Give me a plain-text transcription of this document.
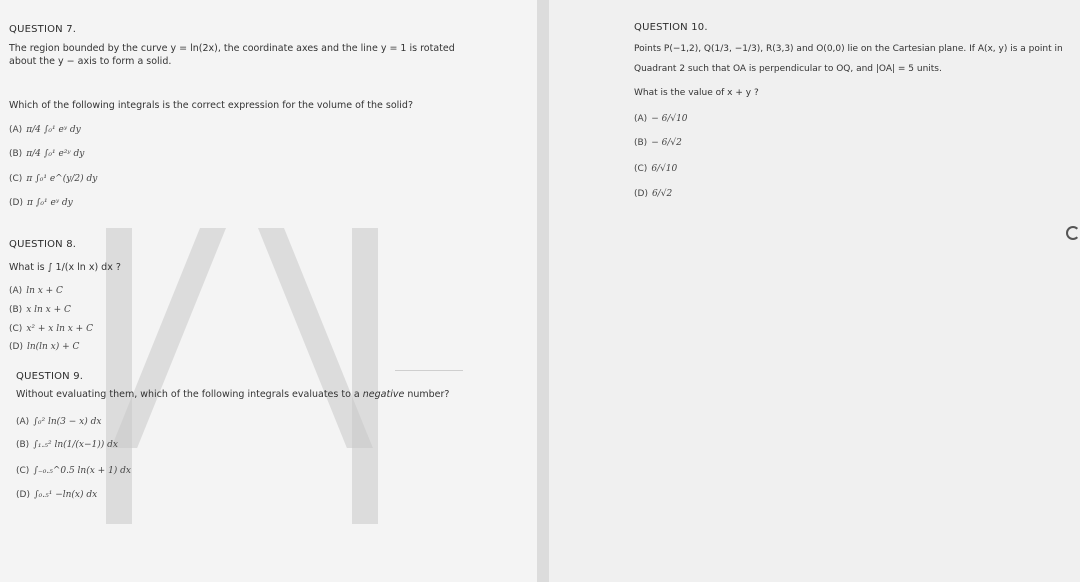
QUESTION 7.
The region bounded by the curve y = ln(2x), the coordinate axes and the line y = 1 is rotated
about the y − axis to form a solid.
Which of the following integrals is the correct expression for the volume of the solid?
(A) π/4 ∫₀¹ eʸ dy
(B) π/4 ∫₀¹ e²ʸ dy
(C) π ∫₀¹ e^(y/2) dy
(D) π ∫₀¹ eʸ dy
QUESTION 8.
What is ∫ 1/(x ln x) dx ?
(A) ln x + C
(B) x ln x + C
(C) x² + x ln x + C
(D) ln(ln x) + C
QUESTION 9.
Without evaluating them, which of the following integrals evaluates to a negative number?
(A) ∫₀² ln(3 − x) dx
(B) ∫₁.₅² ln(1/(x−1)) dx
(C) ∫₋₀.₅^0.5 ln(x + 1) dx
(D) ∫₀.₅¹ −ln(x) dx
QUESTION 10.
Points P(−1,2), Q(1/3, −1/3), R(3,3) and O(0,0) lie on the Cartesian plane. If A(x, y) is a point in
Quadrant 2 such that OA is perpendicular to OQ, and |OA| = 5 units.
What is the value of x + y ?
(A) − 6/√10
(B) − 6/√2
(C) 6/√10
(D) 6/√2
